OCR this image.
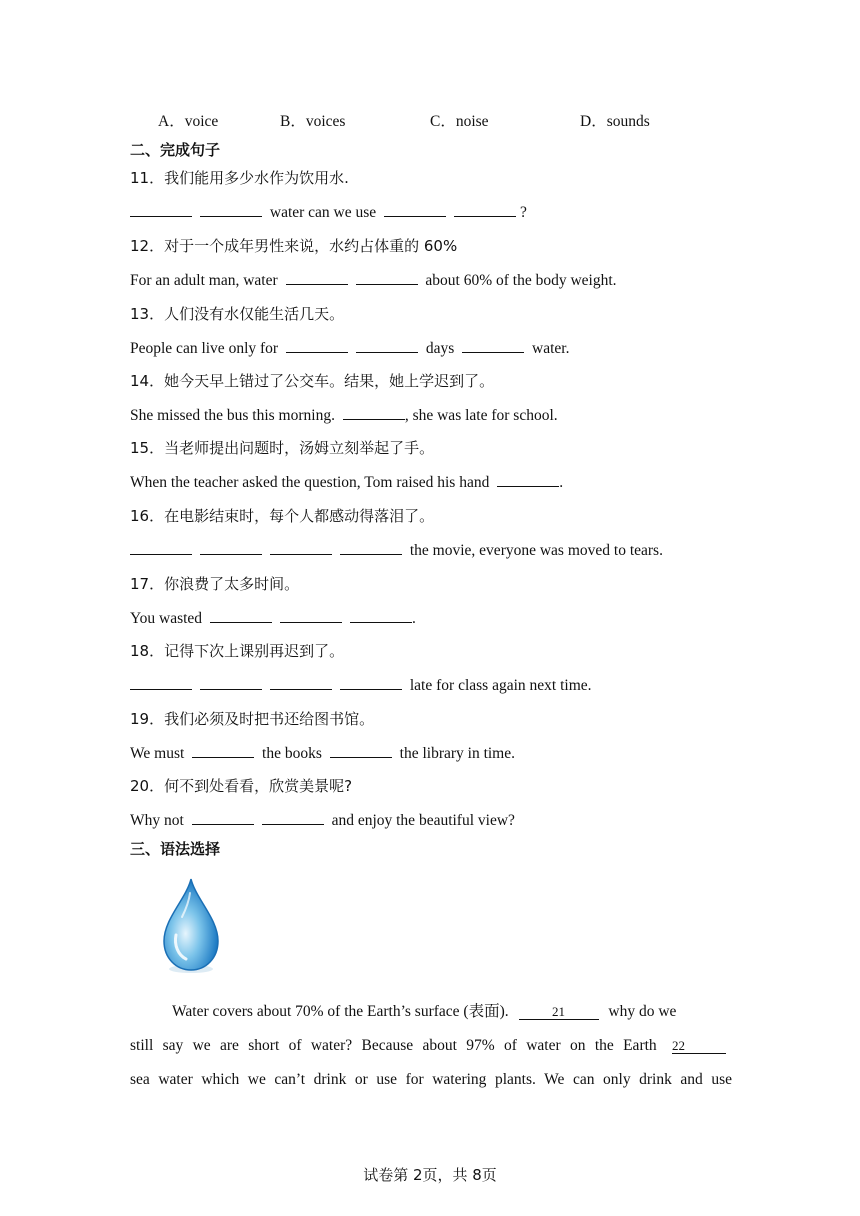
A．voice	B．voices	C．noise	D．sounds
二、完成句子
11．我们能用多少水作为饮用水.
water can we use	?
12．对于一个成年男性来说，水约占体重的 60%
For an adult man, water	about 60% of the body weight.
13．人们没有水仅能生活几天。
People can live only for	days	water.
14．她今天早上错过了公交车。结果，她上学迟到了。
She missed the bus this morning.	, she was late for school.
15．当老师提出问题时，汤姆立刻举起了手。
When the teacher asked the question, Tom raised his hand	.
16．在电影结束时，每个人都感动得落泪了。
the movie, everyone was moved to tears.
17．你浪费了太多时间。
You wasted	.
18．记得下次上课别再迟到了。
late for class again next time.
19．我们必须及时把书还给图书馆。
We must	the books	the library in time.
20．何不到处看看，欣赏美景呢?
Why not	and enjoy the beautiful view?
三、语法选择
Water covers about 70% of the Earth’s surface (表面).	21	why do we
still say we are short of water? Because about 97% of water on the Earth 22
sea water which we can’t drink or use for watering plants. We can only drink and use
试卷第 2页，共 8页
